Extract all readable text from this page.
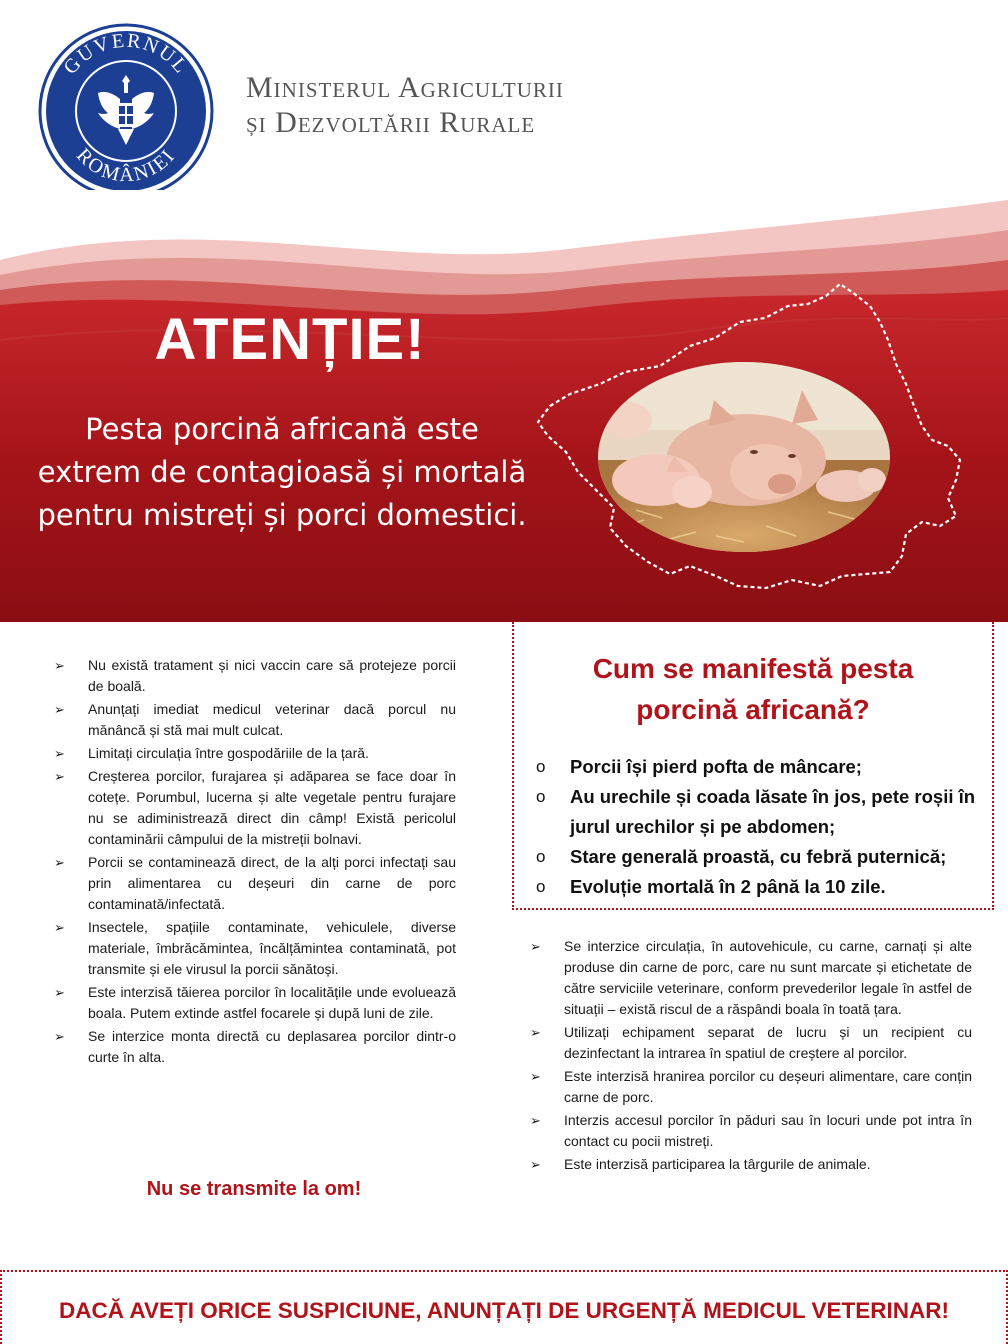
GUVERNUL
ROMÂNIEI
Ministerul Agriculturii
și Dezvoltării Rurale
ATENȚIE!
Pesta porcină africană este
extrem de contagioasă și mortală
pentru mistreți și porci domestici.
➢ Nu există tratament și nici vaccin care să protejeze porcii de boală.
➢ Anunțați imediat medicul veterinar dacă porcul nu mănâncă și stă mai mult culcat.
➢ Limitați circulația între gospodăriile de la țară.
➢ Creșterea porcilor, furajarea și adăparea se face doar în cotețe. Porumbul, lucerna și alte vegetale pentru furajare nu se adiministrează direct din câmp! Există pericolul contaminării câmpului de la mistreții bolnavi.
➢ Porcii se contaminează direct, de la alți porci infectați sau prin alimentarea cu deșeuri din carne de porc contaminată/infectată.
➢ Insectele, spațiile contaminate, vehiculele, diverse materiale, îmbrăcămintea, încălțămintea contaminată, pot transmite și ele virusul la porcii sănătoși.
➢ Este interzisă tăierea porcilor în localitățile unde evoluează boala. Putem extinde astfel focarele și după luni de zile.
➢ Se interzice monta directă cu deplasarea porcilor dintr-o curte în alta.
Nu se transmite la om!
Cum se manifestă pesta
porcină africană?
o Porcii își pierd pofta de mâncare;
o Au urechile și coada lăsate în jos, pete roșii în jurul urechilor și pe abdomen;
o Stare generală proastă, cu febră puternică;
o Evoluție mortală în 2 până la 10 zile.
➢ Se interzice circulația, în autovehicule, cu carne, carnați și alte produse din carne de porc, care nu sunt marcate și etichetate de către serviciile veterinare, conform prevederilor legale în astfel de situații – există riscul de a răspândi boala în toată țara.
➢ Utilizați echipament separat de lucru și un recipient cu dezinfectant la intrarea în spatiul de creștere al porcilor.
➢ Este interzisă hranirea porcilor cu deșeuri alimentare, care conțin carne de porc.
➢ Interzis accesul porcilor în păduri sau în locuri unde pot intra în contact cu pocii mistreți.
➢ Este interzisă participarea la târgurile de animale.
DACĂ AVEȚI ORICE SUSPICIUNE, ANUNȚAȚI DE URGENȚĂ MEDICUL VETERINAR!
